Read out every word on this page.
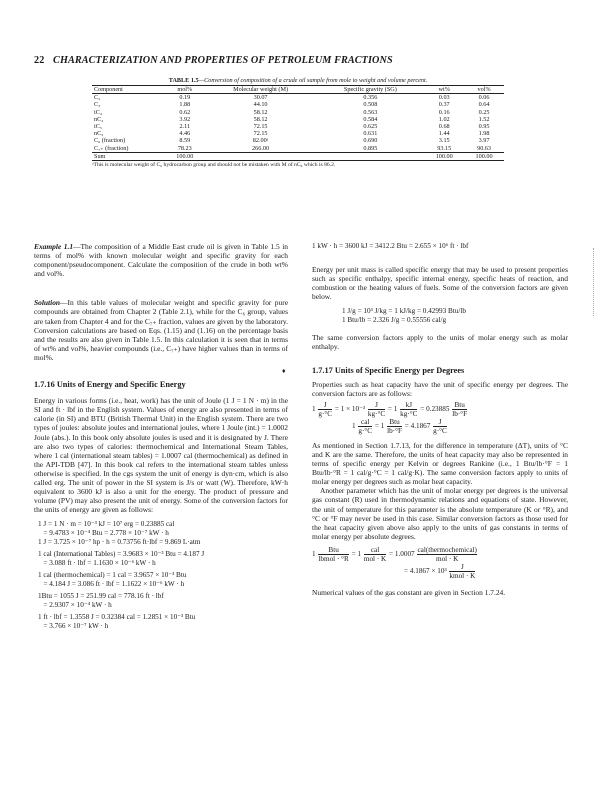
22 CHARACTERIZATION AND PROPERTIES OF PETROLEUM FRACTIONS
TABLE 1.5—Conversion of composition of a crude oil sample from mole to weight and volume percent.
Component	mol%	Molecular weight (M)	Specific gravity (SG)	wt%	vol%
C₂	0.19	30.07	0.356	0.03	0.06
C₃	1.88	44.10	0.508	0.37	0.64
iC₄	0.62	58.12	0.563	0.16	0.25
nC₄	3.92	58.12	0.584	1.02	1.52
iC₅	2.11	72.15	0.625	0.68	0.95
nC₅	4.46	72.15	0.631	1.44	1.98
C₆ (fraction)	8.59	82.00ᵃ	0.690	3.15	3.97
C₇₊ (fraction)	78.23	266.00	0.895	93.15	90.63
Sum	100.00			100.00	100.00
ᵃThis is molecular weight of C₆ hydrocarbon group and should not be mistaken with M of nC₆ which is 86.2.

Example 1.1—The composition of a Middle East crude oil is given in Table 1.5 in terms of mol% with known molecular weight and specific gravity for each component/pseudocomponent. Calculate the composition of the crude in both wt% and vol%.

Solution—In this table values of molecular weight and specific gravity for pure compounds are obtained from Chapter 2 (Table 2.1), while for the C₆ group, values are taken from Chapter 4 and for the C₇₊ fraction, values are given by the laboratory. Conversion calculations are based on Eqs. (1.15) and (1.16) on the percentage basis and the results are also given in Table 1.5. In this calculation it is seen that in terms of wt% and vol%, heavier compounds (i.e., C₇₊) have higher values than in terms of mol%.

1.7.16 Units of Energy and Specific Energy

Energy in various forms (i.e., heat, work) has the unit of Joule (1 J = 1 N · m) in the SI and ft · lbf in the English system. Values of energy are also presented in terms of calorie (in SI) and BTU (British Thermal Unit) in the English system. There are two types of joules: absolute joules and international joules, where 1 Joule (int.) = 1.0002 Joule (abs.). In this book only absolute joules is used and it is designated by J. There are also two types of calories: thermochemical and International Steam Tables, where 1 cal (international steam tables) = 1.0007 cal (thermochemical) as defined in the API-TDB [47]. In this book cal refers to the international steam tables unless otherwise is specified. In the cgs system the unit of energy is dyn·cm, which is also called erg. The unit of power in the SI system is J/s or watt (W). Therefore, kW·h equivalent to 3600 kJ is also a unit for the energy. The product of pressure and volume (PV) may also present the unit of energy. Some of the conversion factors for the units of energy are given as follows:

1 J = 1 N · m = 10⁻³ kJ = 10⁷ erg = 0.23885 cal
= 9.4783 × 10⁻⁴ Btu = 2.778 × 10⁻⁷ kW · h
1 J = 3.725 × 10⁻⁷ hp · h = 0.73756 ft·lbf = 9.869 L·atm
1 cal (International Tables) = 3.9683 × 10⁻³ Btu = 4.187 J
= 3.088 ft · lbf = 1.1630 × 10⁻⁶ kW · h
1 cal (thermochemical) = 1 cal = 3.9657 × 10⁻³ Btu
= 4.184 J = 3.086 ft · lbf = 1.1622 × 10⁻⁶ kW · h
1Btu = 1055 J = 251.99 cal = 778.16 ft · lbf
= 2.9307 × 10⁻⁴ kW · h
1 ft · lbf = 1.3558 J = 0.32384 cal = 1.2851 × 10⁻³ Btu
= 3.766 × 10⁻⁷ kW · h
♦

1 kW · h = 3600 kJ = 3412.2 Btu = 2.655 × 10⁶ ft · lbf

Energy per unit mass is called specific energy that may be used to present properties such as specific enthalpy, specific internal energy, specific heats of reaction, and combustion or the heating values of fuels. Some of the conversion factors are given below.

1 J/g = 10³ J/kg = 1 kJ/kg = 0.42993 Btu/lb

1 Btu/lb = 2.326 J/g = 0.55556 cal/g

The same conversion factors apply to the units of molar energy such as molar enthalpy.

1.7.17 Units of Specific Energy per Degrees

Properties such as heat capacity have the unit of specific energy per degrees. The conversion factors are as follows:

$1 \frac{J}{g\cdot^\circ C} = 1 \times 10^{-3} \frac{J}{kg\cdot^\circ C} = 1 \frac{kJ}{kg\cdot^\circ C} = 0.23885 \frac{\text{Btu}}{lb\cdot^\circ F}$
$1 \frac{\text{cal}}{g\cdot^\circ C} = 1 \frac{\text{Btu}}{lb\cdot^\circ F} = 4.1867 \frac{J}{g\cdot^\circ C}$

As mentioned in Section 1.7.13, for the difference in temperature (ΔT), units of °C and K are the same. Therefore, the units of heat capacity may also be represented in terms of specific energy per Kelvin or degrees Rankine (i.e., 1 Btu/lb·°F = 1 Btu/lb·°R = 1 cal/g·°C = 1 cal/g·K). The same conversion factors apply to units of molar energy per degrees such as molar heat capacity.

Another parameter which has the unit of molar energy per degrees is the universal gas constant (R) used in thermodynamic relations and equations of state. However, the unit of temperature for this parameter is the absolute temperature (K or °R), and °C or °F may never be used in this case. Similar conversion factors as those used for the heat capacity given above also apply to the units of gas constants in terms of molar energy per absolute degrees.

$1 \frac{\text{Btu}}{\text{lbmol · °R}} = 1 \frac{\text{cal}}{\text{mol · K}} = 1.0007 \frac{\text{cal(thermochemical)}}{\text{mol · K}}$
= $4.1867 \times 10^3 \frac{J}{\text{kmol · K}}$

Numerical values of the gas constant are given in Section 1.7.24.
